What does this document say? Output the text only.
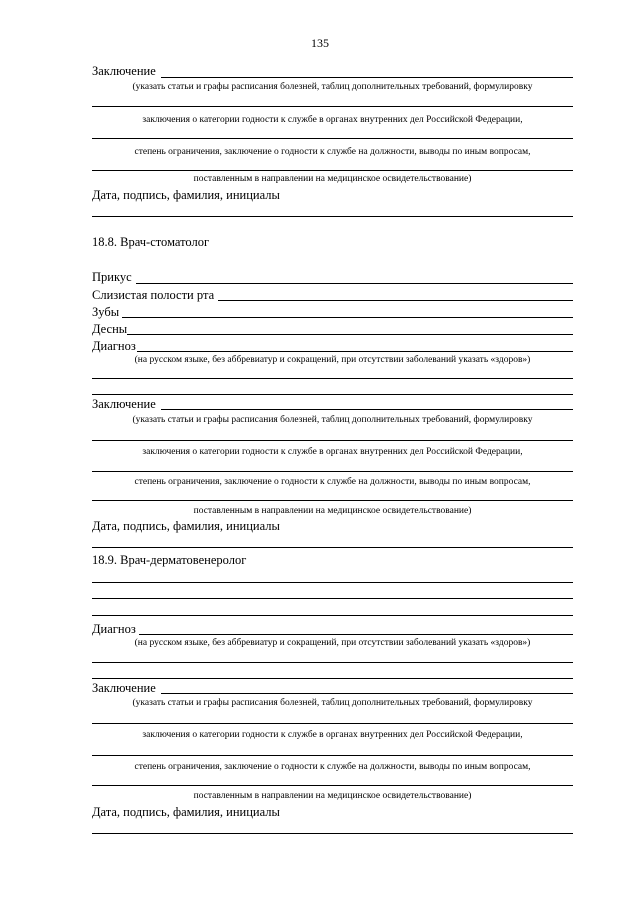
135
Заключение
(указать статьи и графы расписания болезней, таблиц дополнительных требований, формулировку
заключения о категории годности к службе в органах внутренних дел Российской Федерации,
степень ограничения, заключение о годности к службе на должности, выводы по иным вопросам,
поставленным в направлении на медицинское освидетельствование)
Дата, подпись, фамилия, инициалы
18.8. Врач-стоматолог
Прикус
Слизистая полости рта
Зубы
Десны
Диагноз
(на русском языке, без аббревиатур и сокращений, при отсутствии заболеваний указать «здоров»)
Заключение
(указать статьи и графы расписания болезней, таблиц дополнительных требований, формулировку
заключения о категории годности к службе в органах внутренних дел Российской Федерации,
степень ограничения, заключение о годности к службе на должности, выводы по иным вопросам,
поставленным в направлении на медицинское освидетельствование)
Дата, подпись, фамилия, инициалы
18.9. Врач-дерматовенеролог
Диагноз
(на русском языке, без аббревиатур и сокращений, при отсутствии заболеваний указать «здоров»)
Заключение
(указать статьи и графы расписания болезней, таблиц дополнительных требований, формулировку
заключения о категории годности к службе в органах внутренних дел Российской Федерации,
степень ограничения, заключение о годности к службе на должности, выводы по иным вопросам,
поставленным в направлении на медицинское освидетельствование)
Дата, подпись, фамилия, инициалы
